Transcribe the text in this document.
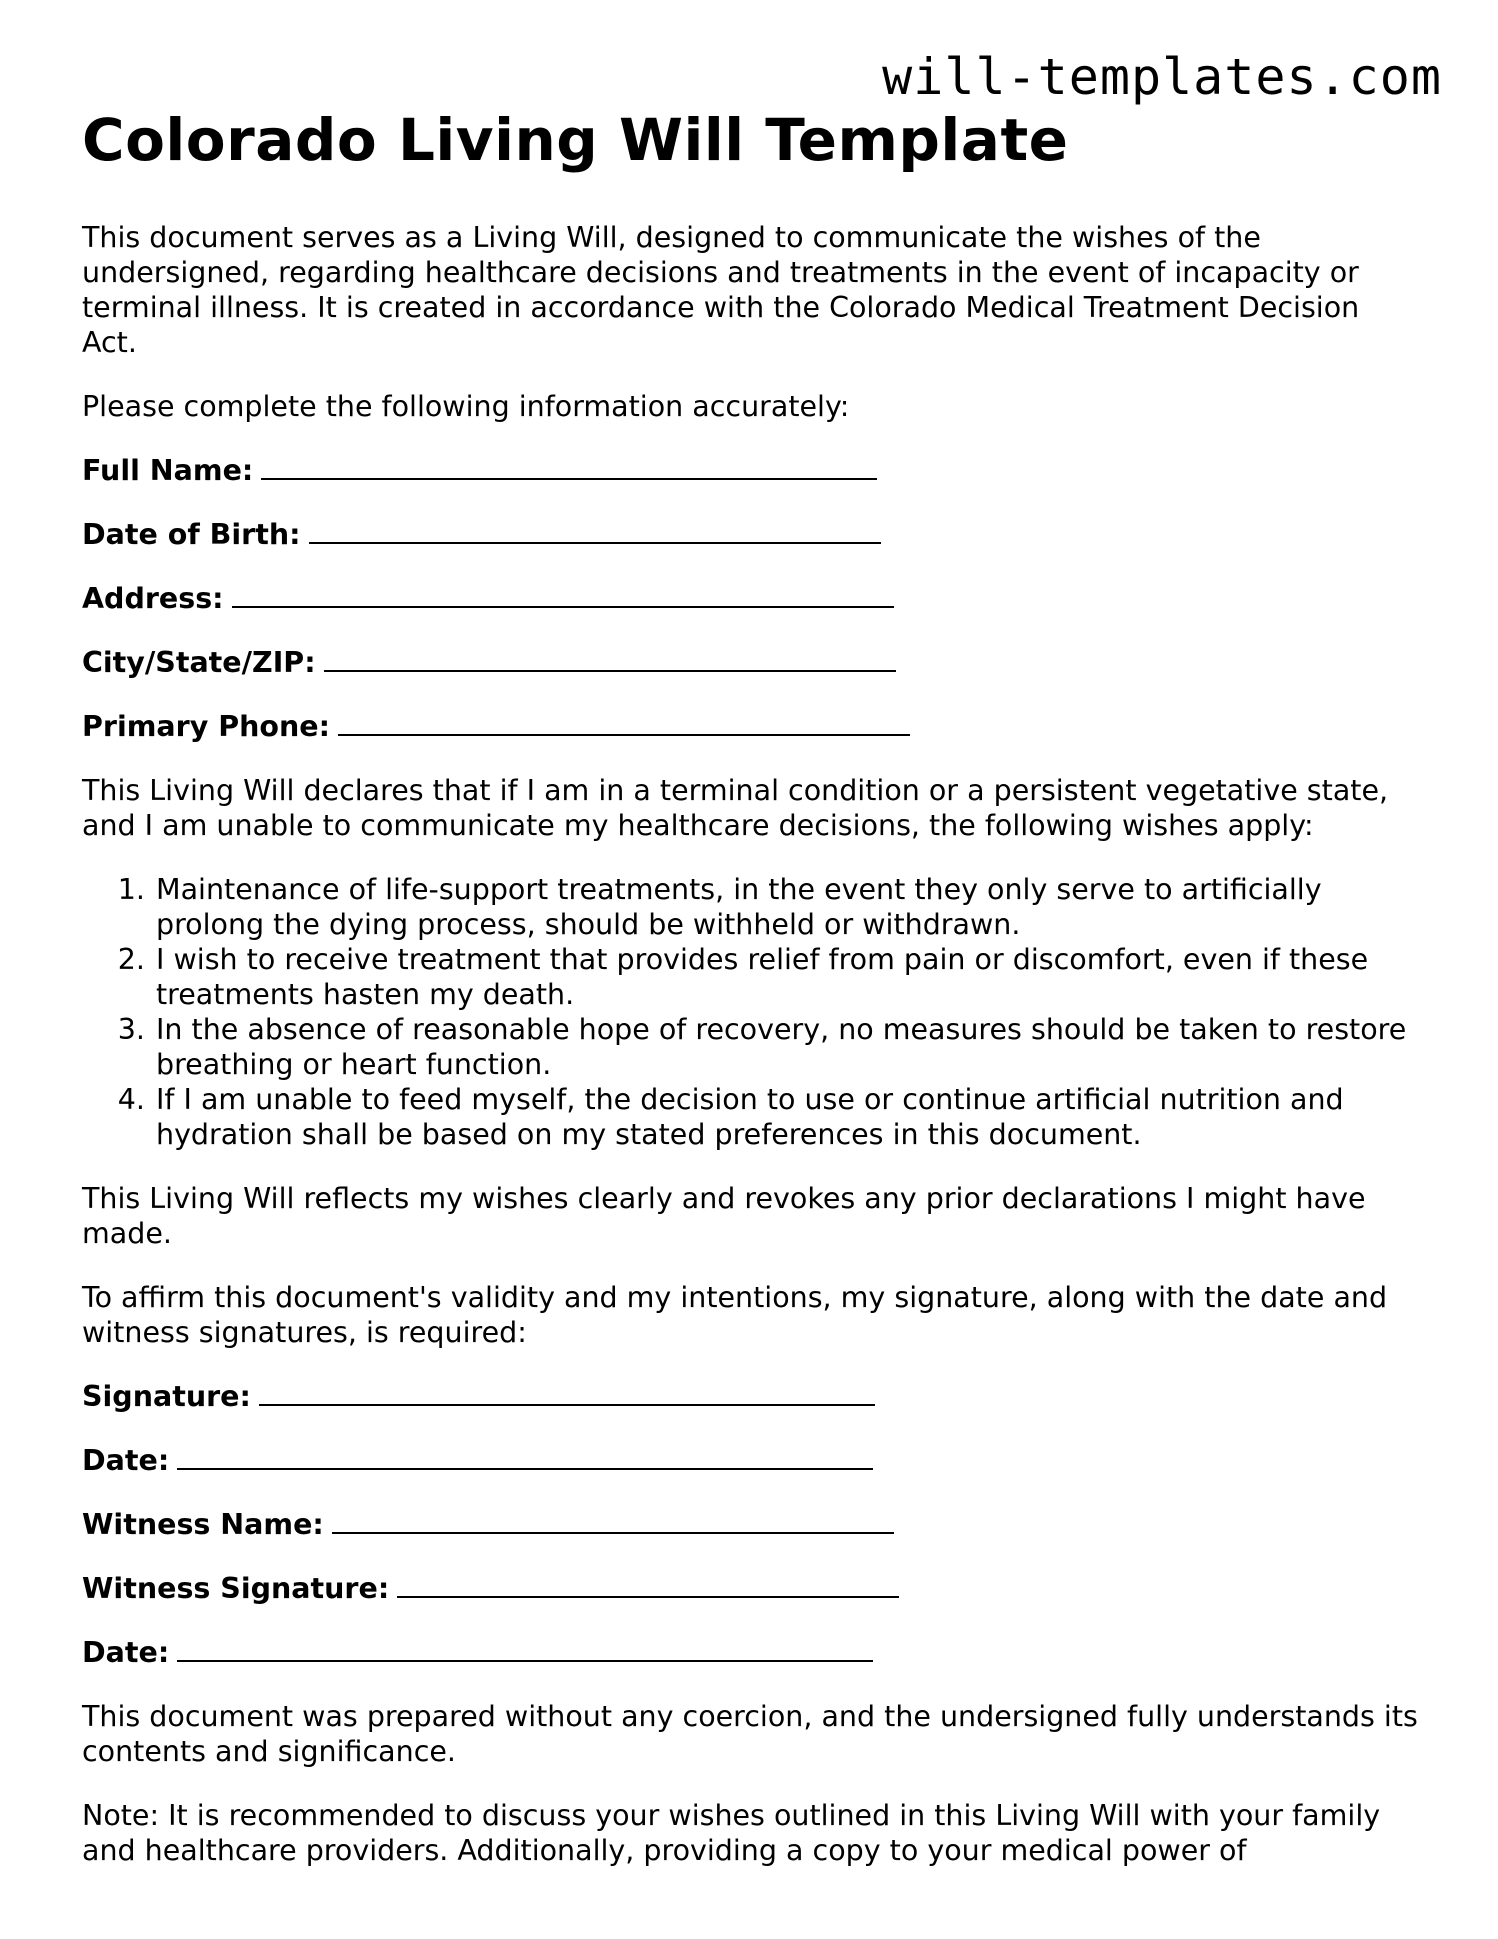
will-templates.com
Colorado Living Will Template

This document serves as a Living Will, designed to communicate the wishes of the undersigned, regarding healthcare decisions and treatments in the event of incapacity or terminal illness. It is created in accordance with the Colorado Medical Treatment Decision Act.

Please complete the following information accurately:

Full Name:
Date of Birth:
Address:
City/State/ZIP:
Primary Phone:

This Living Will declares that if I am in a terminal condition or a persistent vegetative state, and I am unable to communicate my healthcare decisions, the following wishes apply:

1. Maintenance of life-support treatments, in the event they only serve to artificially prolong the dying process, should be withheld or withdrawn.
2. I wish to receive treatment that provides relief from pain or discomfort, even if these treatments hasten my death.
3. In the absence of reasonable hope of recovery, no measures should be taken to restore breathing or heart function.
4. If I am unable to feed myself, the decision to use or continue artificial nutrition and hydration shall be based on my stated preferences in this document.

This Living Will reflects my wishes clearly and revokes any prior declarations I might have made.

To affirm this document's validity and my intentions, my signature, along with the date and witness signatures, is required:

Signature:
Date:
Witness Name:
Witness Signature:
Date:

This document was prepared without any coercion, and the undersigned fully understands its contents and significance.

Note: It is recommended to discuss your wishes outlined in this Living Will with your family and healthcare providers. Additionally, providing a copy to your medical power of
